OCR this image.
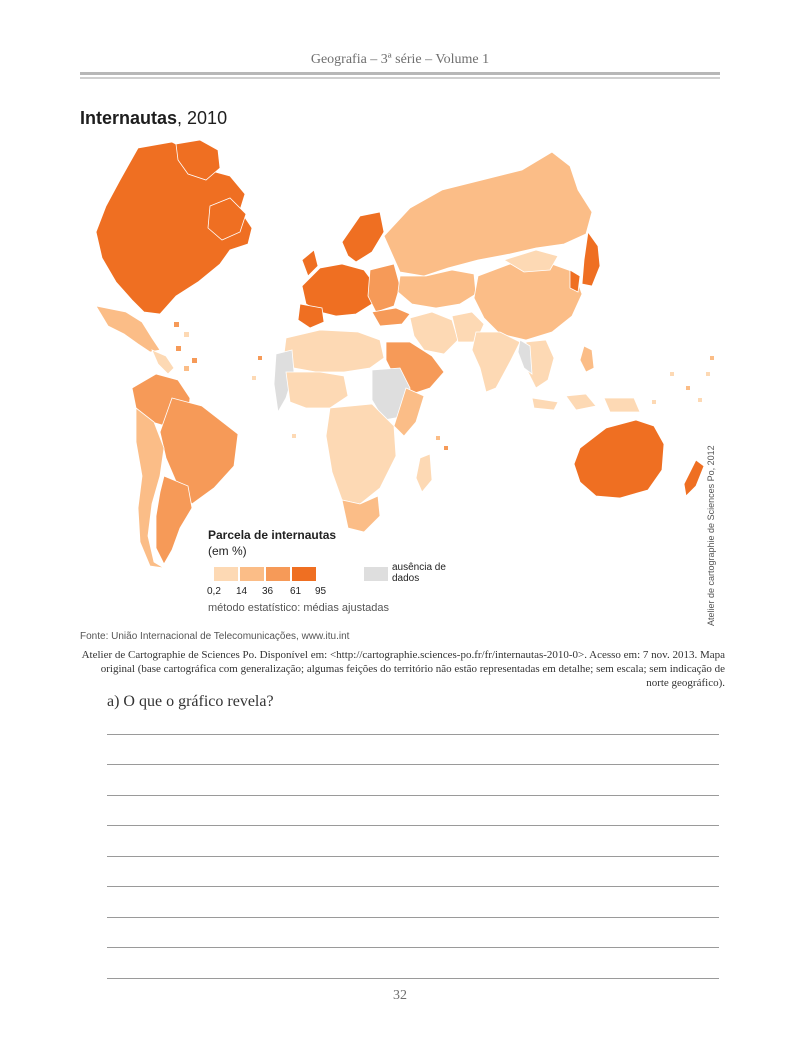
Geografia – 3ª série – Volume 1
Internautas, 2010
Parcela de internautas
(em %)
0,2 14 36 61 95
ausência de dados
método estatístico: médias ajustadas	Atelier de cartographie de Sciences Po, 2012
Fonte: União Internacional de Telecomunicações, www.itu.int
Atelier de Cartographie de Sciences Po. Disponível em: <http://cartographie.sciences-po.fr/fr/internautas-2010-0>. Acesso em: 7 nov. 2013. Mapa original (base cartográfica com generalização; algumas feições do território não estão representadas em detalhe; sem escala; sem indicação de norte geográfico).
a) O que o gráfico revela?
32
